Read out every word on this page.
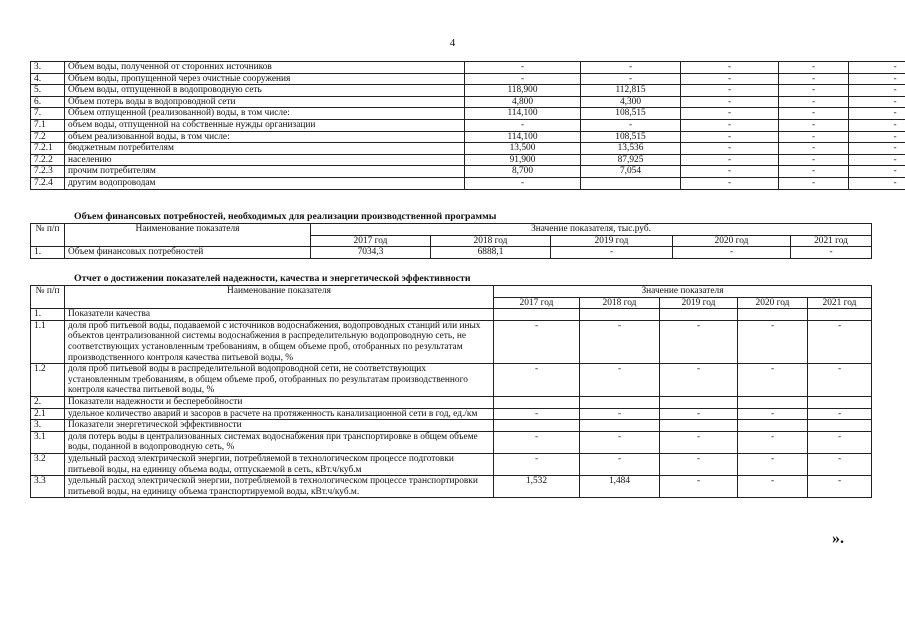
4
3.	Объем воды, полученной от сторонних источников	-	-	-	-	-
4.	Объем воды, пропущенной через очистные сооружения	-	-	-	-	-
5.	Объем воды, отпущенной в водопроводную сеть	118,900	112,815	-	-	-
6.	Объем потерь воды в водопроводной сети	4,800	4,300	-	-	-
7.	Объем отпущенной (реализованной) воды, в том числе:	114,100	108,515	-	-	-
7.1	объем воды, отпущенной на собственные нужды организации	-	-	-	-	-
7.2	объем реализованной воды, в том числе:	114,100	108,515	-	-	-
7.2.1	бюджетным потребителям	13,500	13,536	-	-	-
7.2.2	населению	91,900	87,925	-	-	-
7.2.3	прочим потребителям	8,700	7,054	-	-	-
7.2.4	другим водопроводам	-		-	-	-
Объем финансовых потребностей, необходимых для реализации производственной программы
№ п/п	Наименование показателя	Значение показателя, тыс.руб.				
		2017 год	2018 год	2019 год	2020 год	2021 год
1.	Объем финансовых потребностей	7034,3	6888,1	-	-	-
Отчет о достижении показателей надежности, качества и энергетической эффективности
№ п/п	Наименование показателя	Значение показателя				
		2017 год	2018 год	2019 год	2020 год	2021 год
1.	Показатели качества					
1.1	доля проб питьевой воды, подаваемой с источников водоснабжения, водопроводных станций или иных объектов централизованной системы водоснабжения в распределительную водопроводную сеть, не соответствующих установленным требованиям, в общем объеме проб, отобранных по результатам производственного контроля качества питьевой воды, %	-	-	-	-	-
1.2	доля проб питьевой воды в распределительной водопроводной сети, не соответствующих установленным требованиям, в общем объеме проб, отобранных по результатам производственного контроля качества питьевой воды, %	-	-	-	-	-
2.	Показатели надежности и бесперебойности					
2.1	удельное количество аварий и засоров в расчете на протяженность канализационной сети в год, ед./км	-	-	-	-	-
3.	Показатели энергетической эффективности					
3.1	доля потерь воды в централизованных системах водоснабжения при транспортировке в общем объеме воды, поданной в водопроводную сеть, %	-	-	-	-	-
3.2	удельный расход электрической энергии, потребляемой в технологическом процессе подготовки питьевой воды, на единицу объема воды, отпускаемой в сеть, кВт.ч/куб.м	-	-	-	-	-
3.3	удельный расход электрической энергии, потребляемой в технологическом процессе транспортировки питьевой воды, на единицу объема транспортируемой воды, кВт.ч/куб.м.	1,532	1,484	-	-	-
».
